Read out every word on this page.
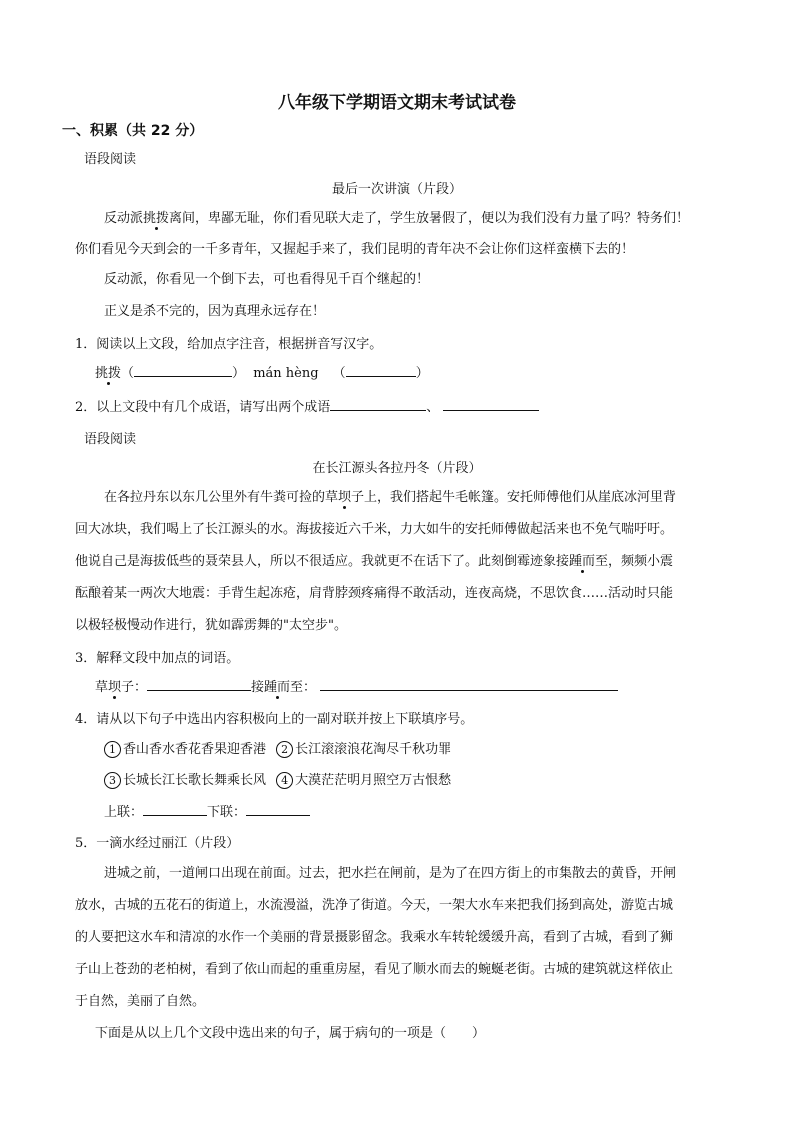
八年级下学期语文期末考试试卷
一、积累（共 22 分）
语段阅读
最后一次讲演（片段）
反动派挑拨离间，卑鄙无耻，你们看见联大走了，学生放暑假了，便以为我们没有力量了吗？特务们！
你们看见今天到会的一千多青年，又握起手来了，我们昆明的青年决不会让你们这样蛮横下去的！
反动派，你看见一个倒下去，可也看得见千百个继起的！
正义是杀不完的，因为真理永远存在！
1．阅读以上文段，给加点字注音，根据拼音写汉字。
挑拨（	） mán hèng （	）
2．以上文段中有几个成语，请写出两个成语	、
语段阅读
在长江源头各拉丹冬（片段）
在各拉丹东以东几公里外有牛粪可捡的草坝子上，我们搭起牛毛帐篷。安托师傅他们从崖底冰河里背
回大冰块，我们喝上了长江源头的水。海拔接近六千米，力大如牛的安托师傅做起活来也不免气喘吁吁。
他说自己是海拔低些的聂荣县人，所以不很适应。我就更不在话下了。此刻倒霉迹象接踵而至，频频小震
酝酿着某一两次大地震：手背生起冻疮，肩背脖颈疼痛得不敢活动，连夜高烧，不思饮食……活动时只能
以极轻极慢动作进行，犹如霹雳舞的"太空步"。
3．解释文段中加点的词语。
草坝子：	接踵而至：
4．请从以下句子中选出内容积极向上的一副对联并按上下联填序号。
1 香山香水香花香果迎香港 2 长江滚滚浪花淘尽千秋功罪
3 长城长江长歌长舞乘长风 4 大漠茫茫明月照空万古恨愁
上联：	下联：
5．一滴水经过丽江（片段）
进城之前，一道闸口出现在前面。过去，把水拦在闸前，是为了在四方街上的市集散去的黄昏，开闸
放水，古城的五花石的街道上，水流漫溢，洗净了街道。今天，一架大水车来把我们扬到高处，游览古城
的人要把这水车和清凉的水作一个美丽的背景摄影留念。我乘水车转轮缓缓升高，看到了古城，看到了狮
子山上苍劲的老柏树，看到了依山而起的重重房屋，看见了顺水而去的蜿蜒老街。古城的建筑就这样依止
于自然，美丽了自然。
下面是从以上几个文段中选出来的句子，属于病句的一项是（　　）
